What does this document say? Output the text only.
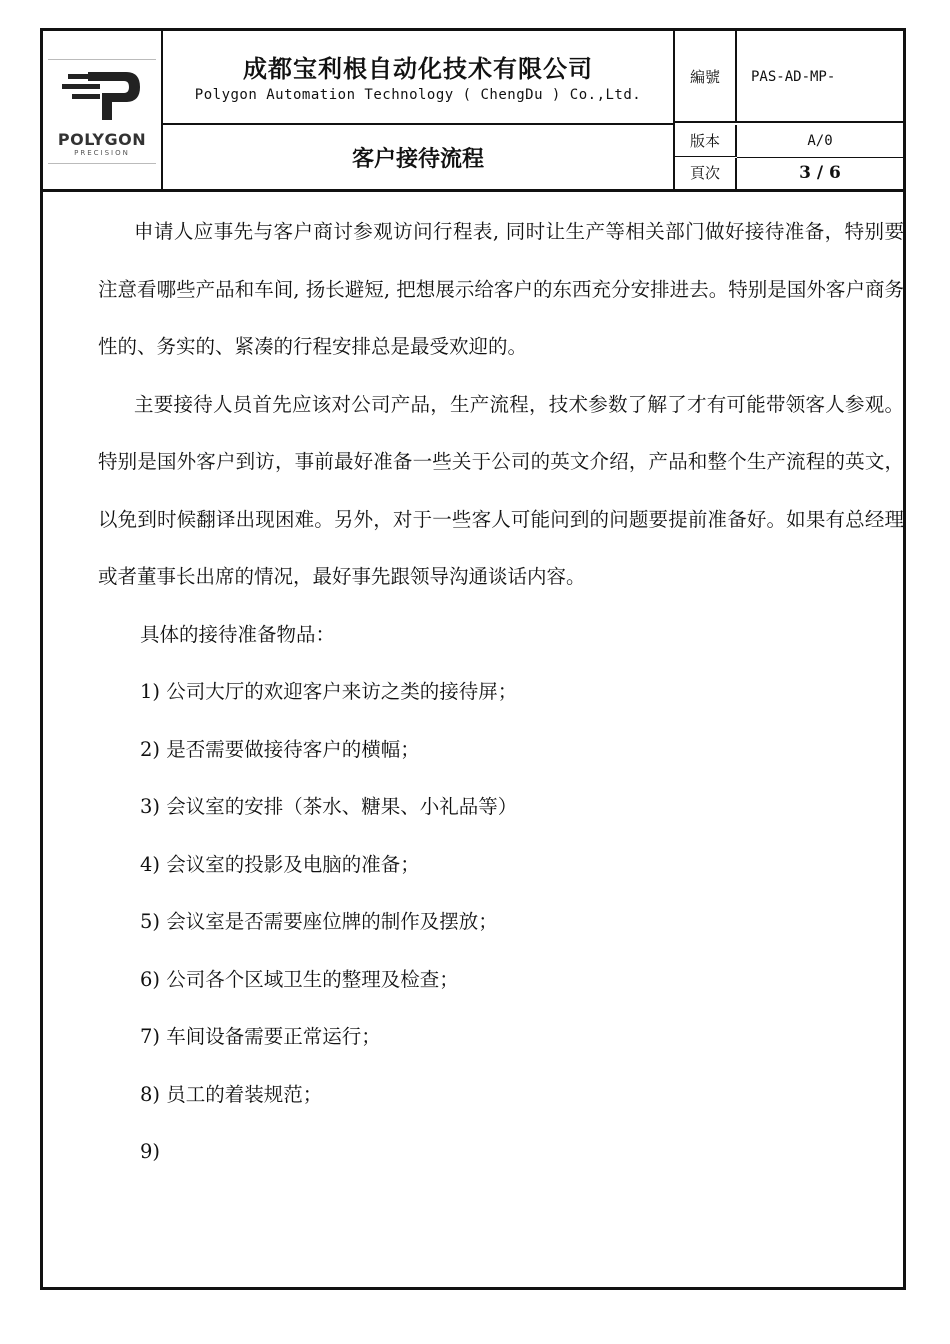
POLYGON
PRECISION
成都宝利根自动化技术有限公司
Polygon Automation Technology ( ChengDu ) Co.,Ltd.
客户接待流程
編號	PAS-AD-MP-
版本	A/0
頁次	3 / 6

申请人应事先与客户商讨参观访问行程表, 同时让生产等相关部门做好接待准备，特别要注意看哪些产品和车间, 扬长避短, 把想展示给客户的东西充分安排进去。特别是国外客户商务性的、务实的、紧凑的行程安排总是最受欢迎的。

主要接待人员首先应该对公司产品，生产流程，技术参数了解了才有可能带领客人参观。特别是国外客户到访，事前最好准备一些关于公司的英文介绍，产品和整个生产流程的英文，以免到时候翻译出现困难。另外，对于一些客人可能问到的问题要提前准备好。如果有总经理或者董事长出席的情况，最好事先跟领导沟通谈话内容。

具体的接待准备物品：

1) 公司大厅的欢迎客户来访之类的接待屏；

2) 是否需要做接待客户的横幅；

3) 会议室的安排（茶水、糖果、小礼品等）

4) 会议室的投影及电脑的准备；

5) 会议室是否需要座位牌的制作及摆放；

6) 公司各个区域卫生的整理及检查；

7) 车间设备需要正常运行；

8) 员工的着装规范；

9)
